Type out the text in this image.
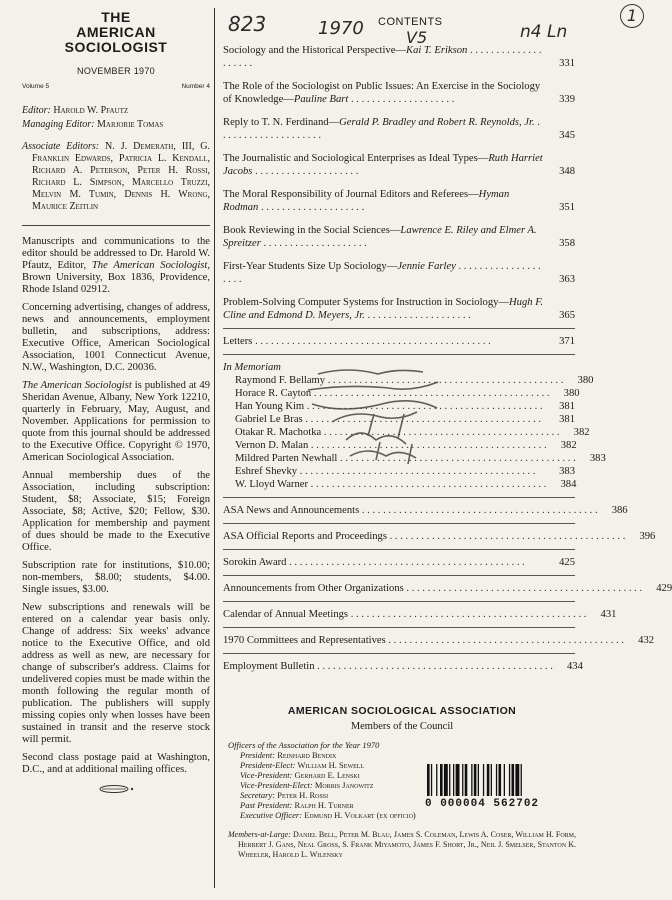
THE
AMERICAN
SOCIOLOGIST
NOVEMBER 1970
Volume 5	Number 4
Editor: Harold W. Pfautz
Managing Editor: Marjorie Tomas
Associate Editors: N. J. Demerath, III, G. Franklin Edwards, Patricia L. Kendall, Richard A. Peterson, Peter H. Rossi, Richard L. Simpson, Marcello Truzzi, Melvin M. Tumin, Dennis H. Wrong, Maurice Zeitlin

Manuscripts and communications to the editor should be addressed to Dr. Harold W. Pfautz, Editor, The American Sociologist, Brown University, Box 1836, Providence, Rhode Island 02912.

Concerning advertising, changes of address, news and announcements, employment bulletin, and subscriptions, address: Executive Office, American Sociological Association, 1001 Connecticut Avenue, N.W., Washington, D.C. 20036.

The American Sociologist is published at 49 Sheridan Avenue, Albany, New York 12210, quarterly in February, May, August, and November. Applications for permission to quote from this journal should be addressed to the Executive Office. Copyright © 1970, American Sociological Association.

Annual membership dues of the Association, including subscription: Student, $8; Associate, $15; Foreign Associate, $8; Active, $20; Fellow, $30. Application for membership and payment of dues should be made to the Executive Office.

Subscription rate for institutions, $10.00; non-members, $8.00; students, $4.00. Single issues, $3.00.

New subscriptions and renewals will be entered on a calendar year basis only. Change of address: Six weeks' advance notice to the Executive Office, and old address as well as new, are necessary for change of subscriber's address. Claims for undelivered copies must be made within the month following the regular month of publication. The publishers will supply missing copies only when losses have been sustained in transit and the reserve stock will permit.

Second class postage paid at Washington, D.C., and at additional mailing offices.

CONTENTS
Sociology and the Historical Perspective—Kai T. Erikson . . . . . . . . . . . . . . . . . . . .	331
The Role of the Sociologist on Public Issues: An Exercise in the Sociology of Knowledge—Pauline Bart . . . . . . . . . . . . . . . . . . . .	339
Reply to T. N. Ferdinand—Gerald P. Bradley and Robert R. Reynolds, Jr. . . . . . . . . . . . . . . . . . . . .	345
The Journalistic and Sociological Enterprises as Ideal Types—Ruth Harriet Jacobs . . . . . . . . . . . . . . . . . . . .	348
The Moral Responsibility of Journal Editors and Referees—Hyman Rodman . . . . . . . . . . . . . . . . . . . .	351
Book Reviewing in the Social Sciences—Lawrence E. Riley and Elmer A. Spreitzer . . . . . . . . . . . . . . . . . . . .	358
First-Year Students Size Up Sociology—Jennie Farley . . . . . . . . . . . . . . . . . . . .	363
Problem-Solving Computer Systems for Instruction in Sociology—Hugh F. Cline and Edmond D. Meyers, Jr. . . . . . . . . . . . . . . . . . . . .	365
Letters . . . . . . . . . . . . . . . . . . . . . . . . . . . . . . . . . . . . . . . . . . . . .	371
In Memoriam
Raymond F. Bellamy . . . . . . . . . . . . . . . . . . . . . . . . . . . . . . . . . . . . . . . . . . . . .	380
Horace R. Cayton . . . . . . . . . . . . . . . . . . . . . . . . . . . . . . . . . . . . . . . . . . . . .	380
Han Young Kim . . . . . . . . . . . . . . . . . . . . . . . . . . . . . . . . . . . . . . . . . . . . .	381
Gabriel Le Bras . . . . . . . . . . . . . . . . . . . . . . . . . . . . . . . . . . . . . . . . . . . . .	381
Otakar R. Machotka . . . . . . . . . . . . . . . . . . . . . . . . . . . . . . . . . . . . . . . . . . . . .	382
Vernon D. Malan . . . . . . . . . . . . . . . . . . . . . . . . . . . . . . . . . . . . . . . . . . . . .	382
Mildred Parten Newhall . . . . . . . . . . . . . . . . . . . . . . . . . . . . . . . . . . . . . . . . . . . . .	383
Eshref Shevky . . . . . . . . . . . . . . . . . . . . . . . . . . . . . . . . . . . . . . . . . . . . .	383
W. Lloyd Warner . . . . . . . . . . . . . . . . . . . . . . . . . . . . . . . . . . . . . . . . . . . . .	384
ASA News and Announcements . . . . . . . . . . . . . . . . . . . . . . . . . . . . . . . . . . . . . . . . . . . . .	386
ASA Official Reports and Proceedings . . . . . . . . . . . . . . . . . . . . . . . . . . . . . . . . . . . . . . . . . . . . .	396
Sorokin Award . . . . . . . . . . . . . . . . . . . . . . . . . . . . . . . . . . . . . . . . . . . . .	425
Announcements from Other Organizations . . . . . . . . . . . . . . . . . . . . . . . . . . . . . . . . . . . . . . . . . . . . .	429
Calendar of Annual Meetings . . . . . . . . . . . . . . . . . . . . . . . . . . . . . . . . . . . . . . . . . . . . .	431
1970 Committees and Representatives . . . . . . . . . . . . . . . . . . . . . . . . . . . . . . . . . . . . . . . . . . . . .	432
Employment Bulletin . . . . . . . . . . . . . . . . . . . . . . . . . . . . . . . . . . . . . . . . . . . . .	434
AMERICAN SOCIOLOGICAL ASSOCIATION
Members of the Council
Officers of the Association for the Year 1970
President: Reinhard Bendix
President-Elect: William H. Sewell
Vice-President: Gerhard E. Lenski
Vice-President-Elect: Morris Janowitz
Secretary: Peter H. Rossi
Past President: Ralph H. Turner
Executive Officer: Edmund H. Volkart (ex officio)
Members-at-Large: Daniel Bell, Peter M. Blau, James S. Coleman, Lewis A. Coser, William H. Form, Herbert J. Gans, Neal Gross, S. Frank Miyamoto, James F. Short, Jr., Neil J. Smelser, Stanton K. Wheeler, Harold L. Wilensky
0 000004 562702
823	1970	V5	n4 Ln
1
